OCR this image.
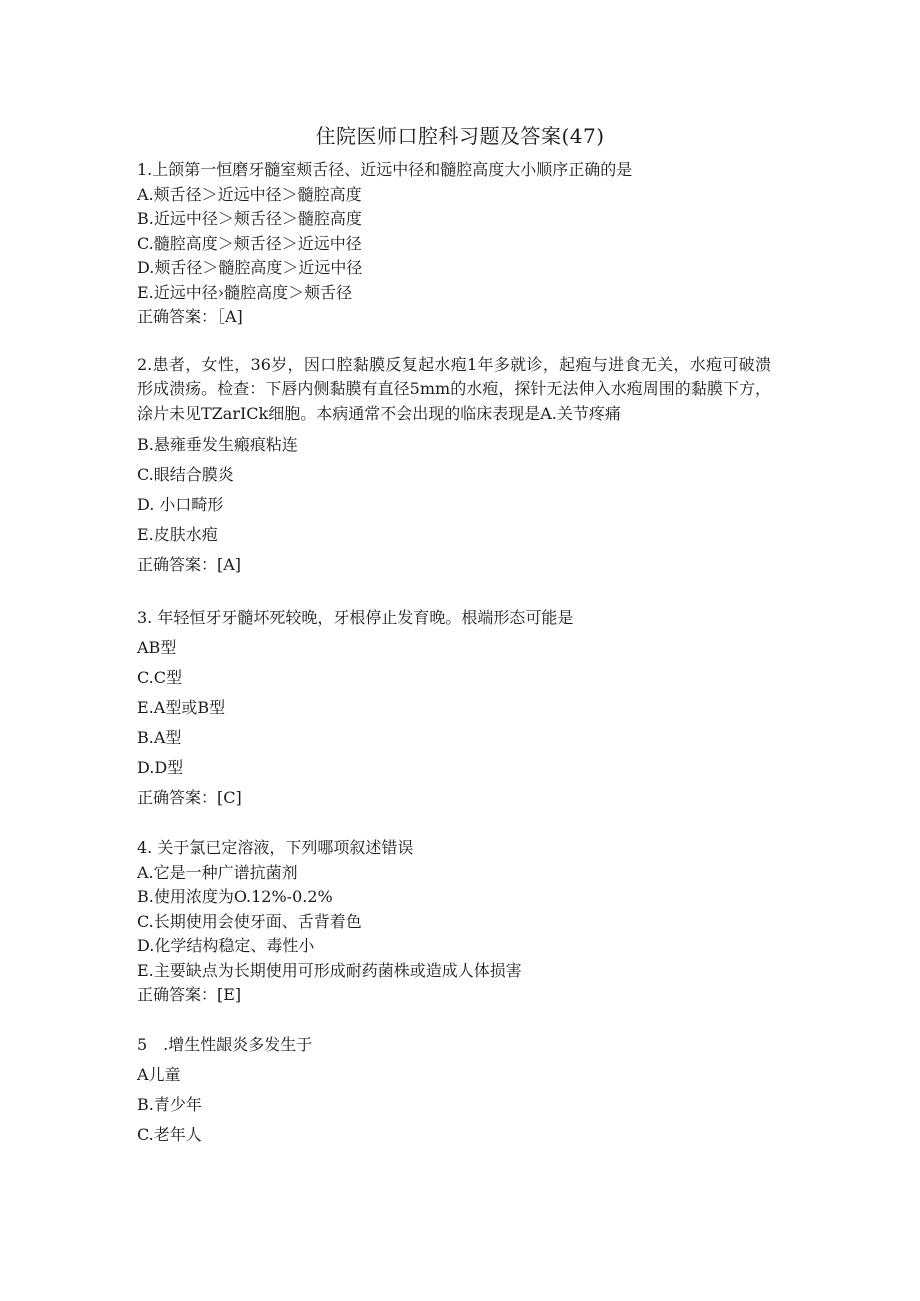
住院医师口腔科习题及答案(47)
1.上颌第一恒磨牙髓室颊舌径、近远中径和髓腔高度大小顺序正确的是
A.颊舌径＞近远中径＞髓腔高度
B.近远中径＞颊舌径＞髓腔高度
C.髓腔高度＞颊舌径＞近远中径
D.颊舌径＞髓腔高度＞近远中径
E.近远中径›髓腔高度＞颊舌径
正确答案：［A]
2.患者，女性，36岁，因口腔黏膜反复起水疱1年多就诊，起疱与进食无关，水疱可破溃形成溃疡。检查：下唇内侧黏膜有直径5mm的水疱，探针无法伸入水疱周围的黏膜下方，涂片未见TZarICk细胞。本病通常不会出现的临床表现是A.关节疼痛
B.悬雍垂发生瘢痕粘连
C.眼结合膜炎
D. 小口畸形
E.皮肤水疱
正确答案：[A]
3. 年轻恒牙牙髓坏死较晚，牙根停止发育晚。根端形态可能是
AB型
C.C型
E.A型或B型
B.A型
D.D型
正确答案：[C]
4. 关于氯已定溶液，下列哪项叙述错误
A.它是一种广谱抗菌剂
B.使用浓度为O.12%-0.2%
C.长期使用会使牙面、舌背着色
D.化学结构稳定、毒性小
E.主要缺点为长期使用可形成耐药菌株或造成人体损害
正确答案：[E]
5　.增生性龈炎多发生于
A儿童
B.青少年
C.老年人
